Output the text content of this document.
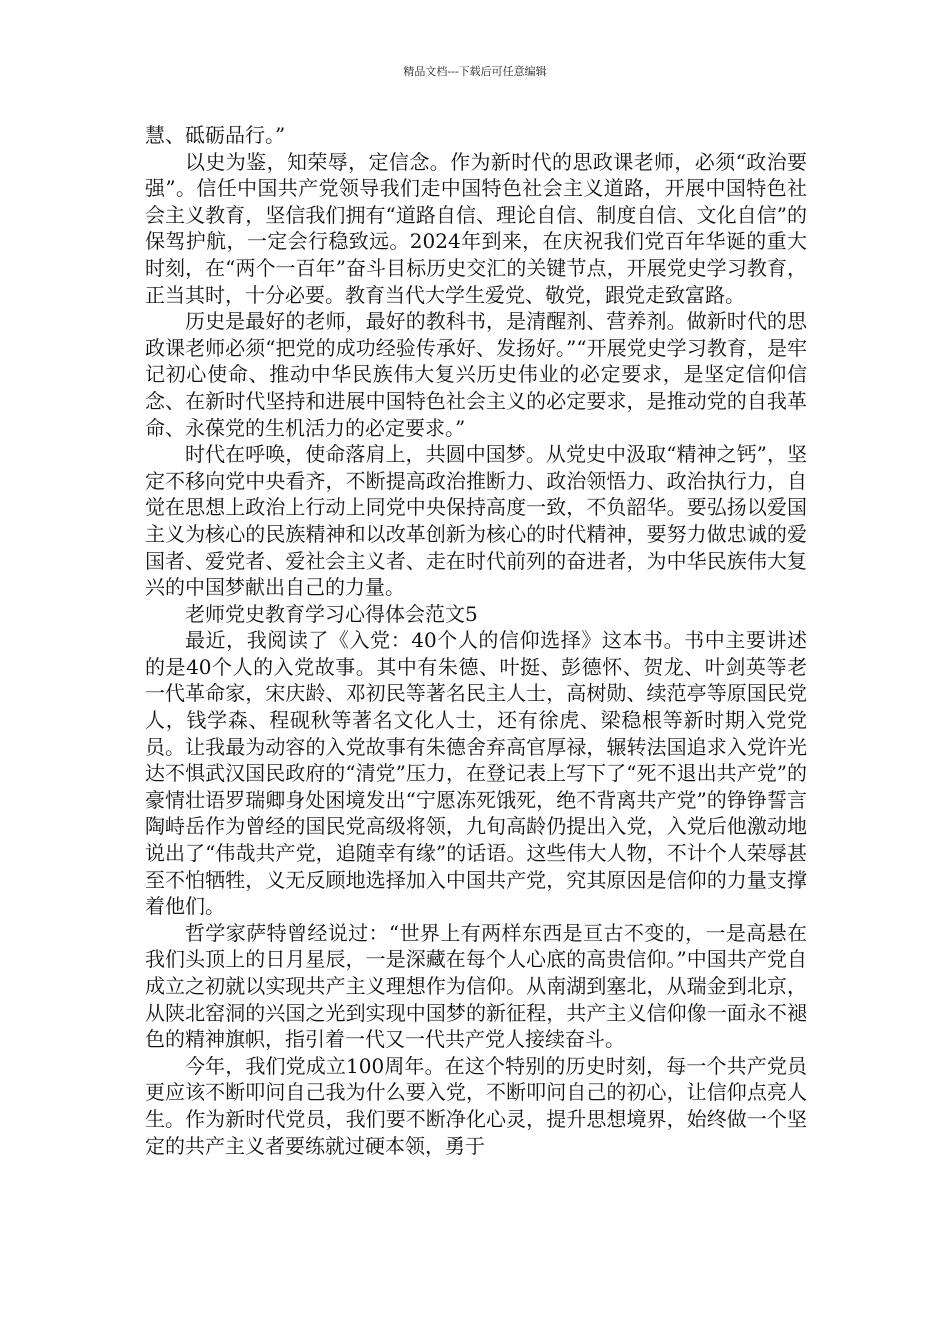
精品文档---下载后可任意编辑

慧、砥砺品行。”

以史为鉴，知荣辱，定信念。作为新时代的思政课老师，必须“政治要强”。信任中国共产党领导我们走中国特色社会主义道路，开展中国特色社会主义教育，坚信我们拥有“道路自信、理论自信、制度自信、文化自信”的保驾护航，一定会行稳致远。2024年到来，在庆祝我们党百年华诞的重大时刻，在“两个一百年”奋斗目标历史交汇的关键节点，开展党史学习教育，正当其时，十分必要。教育当代大学生爱党、敬党，跟党走致富路。

历史是最好的老师，最好的教科书，是清醒剂、营养剂。做新时代的思政课老师必须“把党的成功经验传承好、发扬好。”“开展党史学习教育，是牢记初心使命、推动中华民族伟大复兴历史伟业的必定要求，是坚定信仰信念、在新时代坚持和进展中国特色社会主义的必定要求，是推动党的自我革命、永葆党的生机活力的必定要求。”

时代在呼唤，使命落肩上，共圆中国梦。从党史中汲取“精神之钙”，坚定不移向党中央看齐，不断提高政治推断力、政治领悟力、政治执行力，自觉在思想上政治上行动上同党中央保持高度一致，不负韶华。要弘扬以爱国主义为核心的民族精神和以改革创新为核心的时代精神，要努力做忠诚的爱国者、爱党者、爱社会主义者、走在时代前列的奋进者，为中华民族伟大复兴的中国梦献出自己的力量。

老师党史教育学习心得体会范文5

最近，我阅读了《入党：40个人的信仰选择》这本书。书中主要讲述的是40个人的入党故事。其中有朱德、叶挺、彭德怀、贺龙、叶剑英等老一代革命家，宋庆龄、邓初民等著名民主人士，高树勋、续范亭等原国民党人，钱学森、程砚秋等著名文化人士，还有徐虎、梁稳根等新时期入党党员。让我最为动容的入党故事有朱德舍弃高官厚禄，辗转法国追求入党许光达不惧武汉国民政府的“清党”压力，在登记表上写下了“死不退出共产党”的豪情壮语罗瑞卿身处困境发出“宁愿冻死饿死，绝不背离共产党”的铮铮誓言陶峙岳作为曾经的国民党高级将领，九旬高龄仍提出入党，入党后他激动地说出了“伟哉共产党，追随幸有缘”的话语。这些伟大人物，不计个人荣辱甚至不怕牺牲，义无反顾地选择加入中国共产党，究其原因是信仰的力量支撑着他们。

哲学家萨特曾经说过：“世界上有两样东西是亘古不变的，一是高悬在我们头顶上的日月星辰，一是深藏在每个人心底的高贵信仰。”中国共产党自成立之初就以实现共产主义理想作为信仰。从南湖到塞北，从瑞金到北京，从陕北窑洞的兴国之光到实现中国梦的新征程，共产主义信仰像一面永不褪色的精神旗帜，指引着一代又一代共产党人接续奋斗。

今年，我们党成立100周年。在这个特别的历史时刻，每一个共产党员更应该不断叩问自己我为什么要入党，不断叩问自己的初心，让信仰点亮人生。作为新时代党员，我们要不断净化心灵，提升思想境界，始终做一个坚定的共产主义者要练就过硬本领，勇于
